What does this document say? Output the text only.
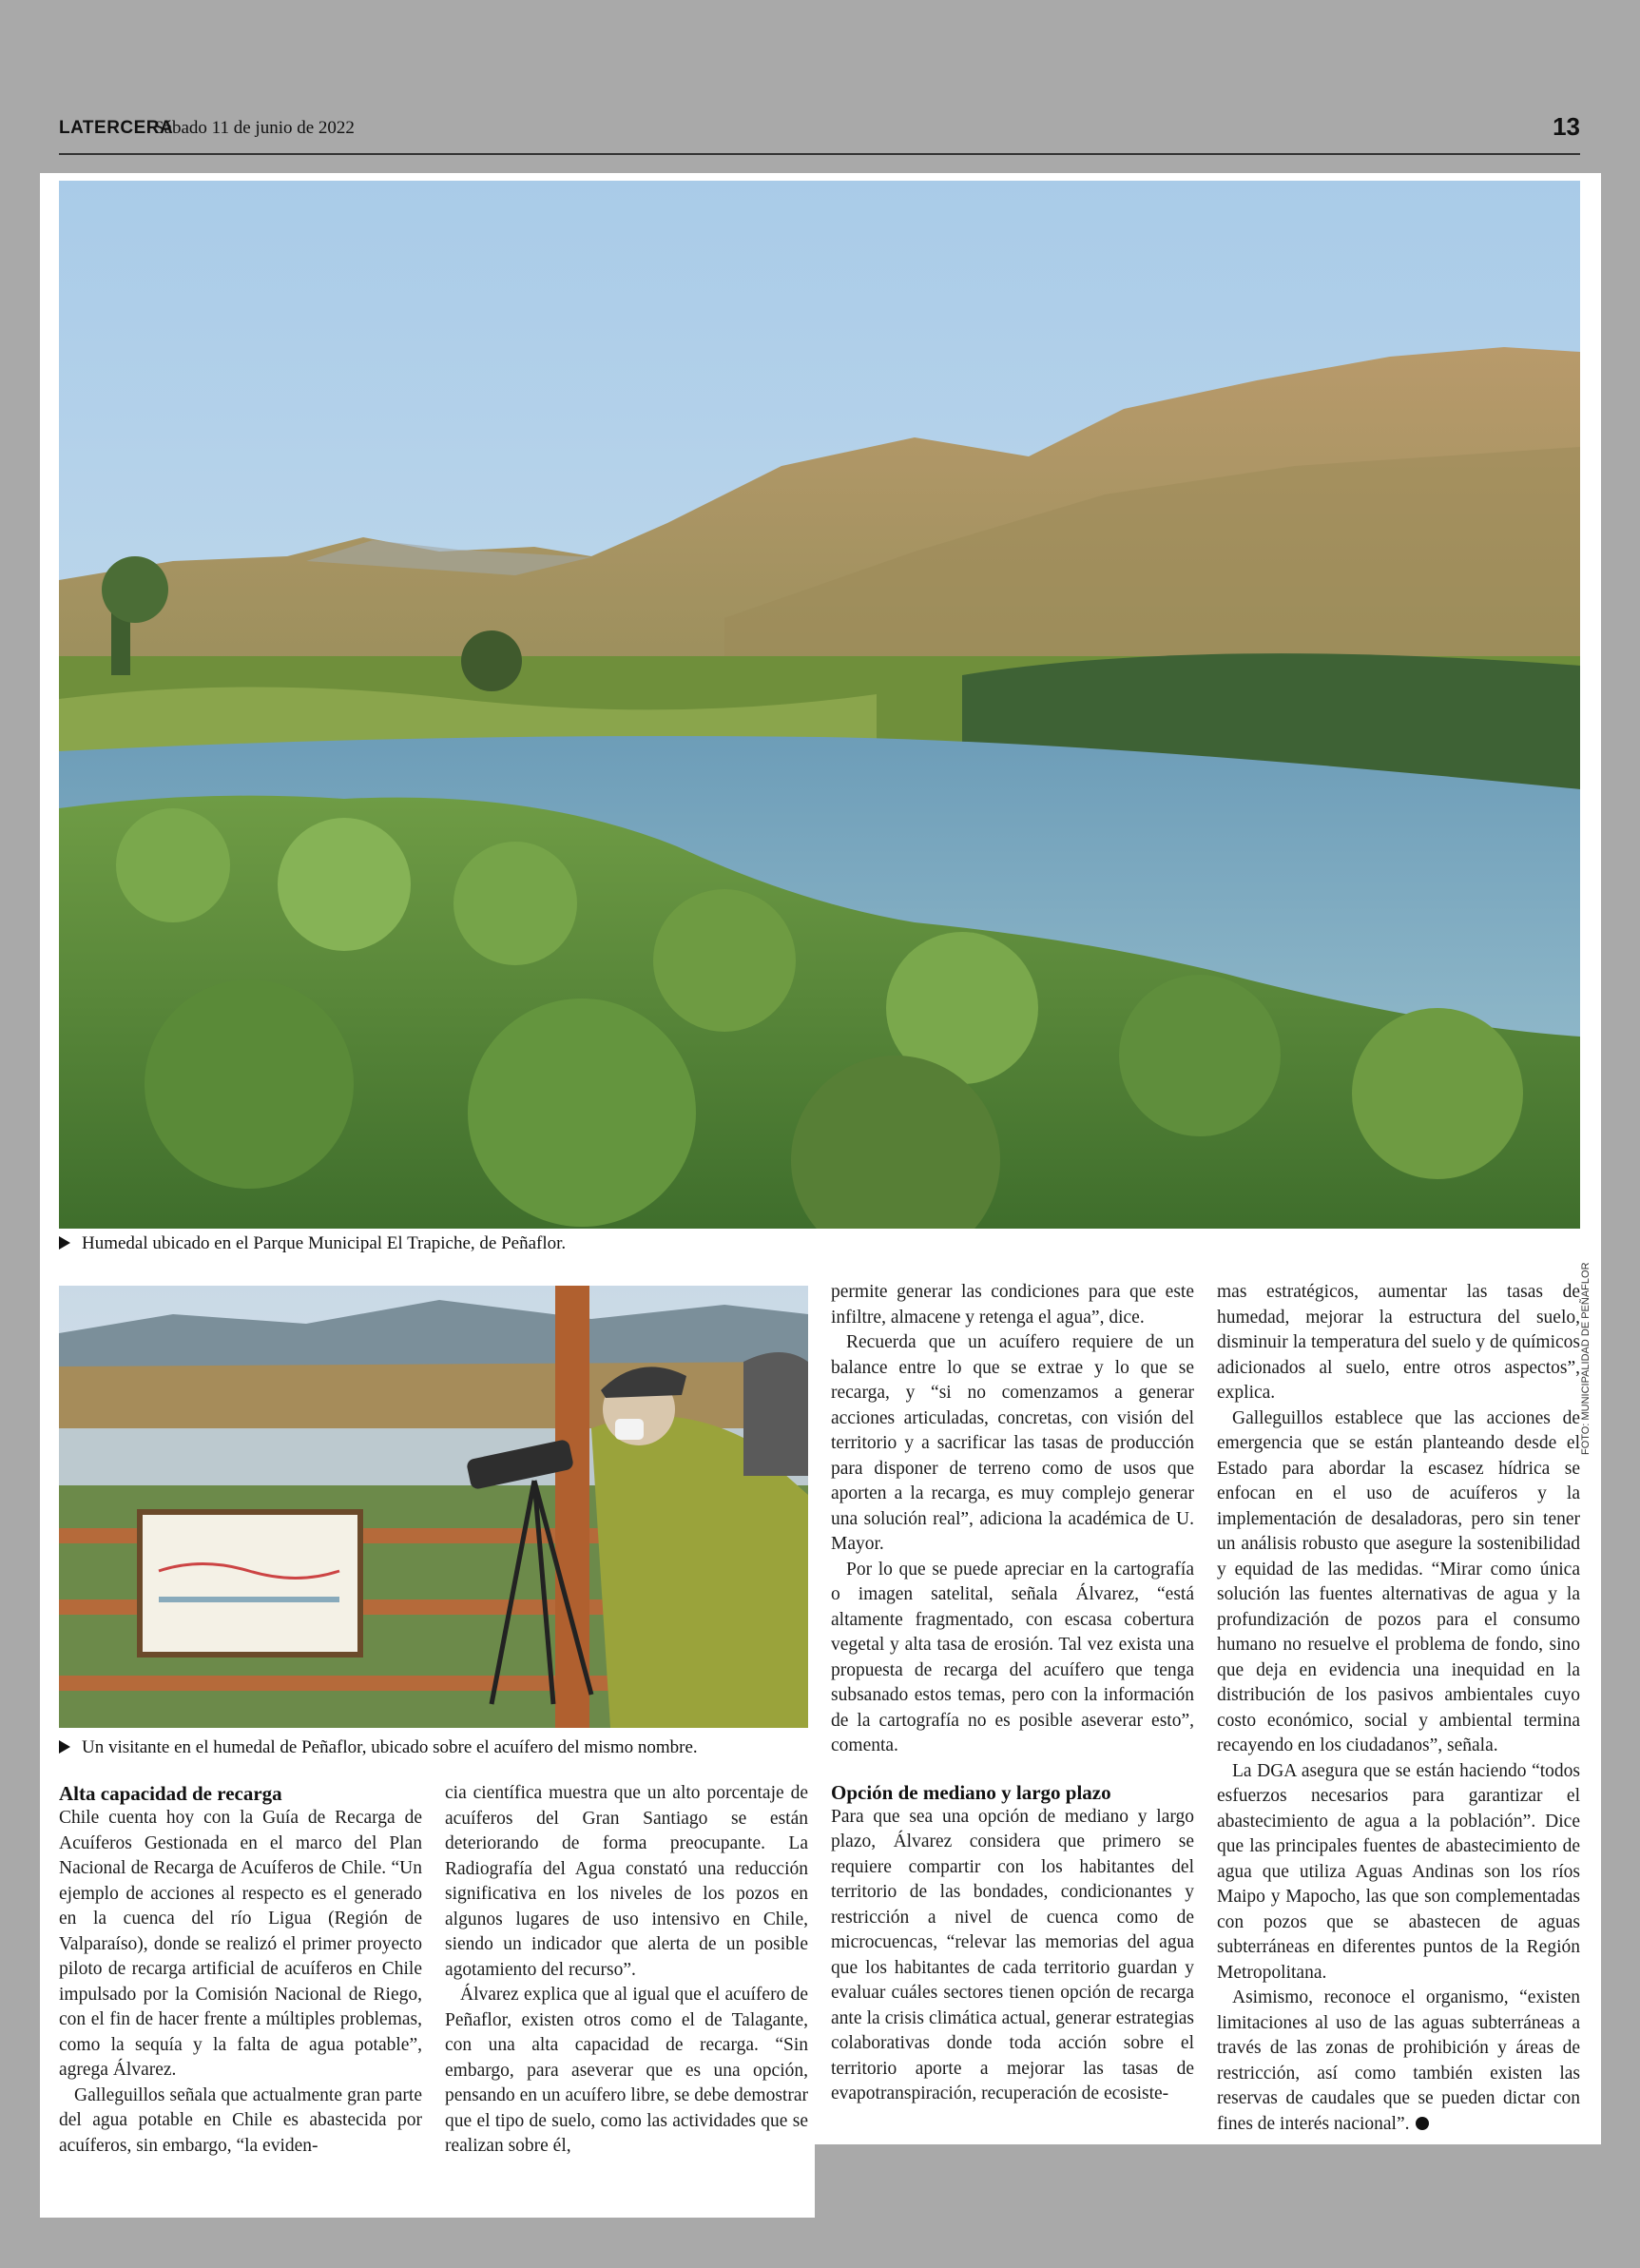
LATERCERA
Sábado 11 de junio de 2022	13
FOTO: MUNICIPALIDAD DE PEÑAFLOR
Humedal ubicado en el Parque Municipal El Trapiche, de Peñaflor.
Un visitante en el humedal de Peñaflor, ubicado sobre el acuífero del mismo nombre.
Alta capacidad de recarga

Chile cuenta hoy con la Guía de Recarga de Acuíferos Gestionada en el marco del Plan Nacional de Recarga de Acuíferos de Chile. “Un ejemplo de acciones al respecto es el generado en la cuenca del río Ligua (Región de Valparaíso), donde se realizó el primer proyecto piloto de recarga artificial de acuíferos en Chile impulsado por la Comisión Nacional de Riego, con el fin de hacer frente a múltiples problemas, como la sequía y la falta de agua potable”, agrega Álvarez.

Galleguillos señala que actualmente gran parte del agua potable en Chile es abastecida por acuíferos, sin embargo, “la eviden-

cia científica muestra que un alto porcentaje de acuíferos del Gran Santiago se están deteriorando de forma preocupante. La Radiografía del Agua constató una reducción significativa en los niveles de los pozos en algunos lugares de uso intensivo en Chile, siendo un indicador que alerta de un posible agotamiento del recurso”.

Álvarez explica que al igual que el acuífero de Peñaflor, existen otros como el de Talagante, con una alta capacidad de recarga. “Sin embargo, para aseverar que es una opción, pensando en un acuífero libre, se debe demostrar que el tipo de suelo, como las actividades que se realizan sobre él,

permite generar las condiciones para que este infiltre, almacene y retenga el agua”, dice.

Recuerda que un acuífero requiere de un balance entre lo que se extrae y lo que se recarga, y “si no comenzamos a generar acciones articuladas, concretas, con visión del territorio y a sacrificar las tasas de producción para disponer de terreno como de usos que aporten a la recarga, es muy complejo generar una solución real”, adiciona la académica de U. Mayor.

Por lo que se puede apreciar en la cartografía o imagen satelital, señala Álvarez, “está altamente fragmentado, con escasa cobertura vegetal y alta tasa de erosión. Tal vez exista una propuesta de recarga del acuífero que tenga subsanado estos temas, pero con la información de la cartografía no es posible aseverar esto”, comenta.

Opción de mediano y largo plazo

Para que sea una opción de mediano y largo plazo, Álvarez considera que primero se requiere compartir con los habitantes del territorio de las bondades, condicionantes y restricción a nivel de cuenca como de microcuencas, “relevar las memorias del agua que los habitantes de cada territorio guardan y evaluar cuáles sectores tienen opción de recarga ante la crisis climática actual, generar estrategias colaborativas donde toda acción sobre el territorio aporte a mejorar las tasas de evapotranspiración, recuperación de ecosiste-

mas estratégicos, aumentar las tasas de humedad, mejorar la estructura del suelo, disminuir la temperatura del suelo y de químicos adicionados al suelo, entre otros aspectos”, explica.

Galleguillos establece que las acciones de emergencia que se están planteando desde el Estado para abordar la escasez hídrica se enfocan en el uso de acuíferos y la implementación de desaladoras, pero sin tener un análisis robusto que asegure la sostenibilidad y equidad de las medidas. “Mirar como única solución las fuentes alternativas de agua y la profundización de pozos para el consumo humano no resuelve el problema de fondo, sino que deja en evidencia una inequidad en la distribución de los pasivos ambientales cuyo costo económico, social y ambiental termina recayendo en los ciudadanos”, señala.

La DGA asegura que se están haciendo “todos esfuerzos necesarios para garantizar el abastecimiento de agua a la población”. Dice que las principales fuentes de abastecimiento de agua que utiliza Aguas Andinas son los ríos Maipo y Mapocho, las que son complementadas con pozos que se abastecen de aguas subterráneas en diferentes puntos de la Región Metropolitana.

Asimismo, reconoce el organismo, “existen limitaciones al uso de las aguas subterráneas a través de las zonas de prohibición y áreas de restricción, así como también existen las reservas de caudales que se pueden dictar con fines de interés nacional”.
